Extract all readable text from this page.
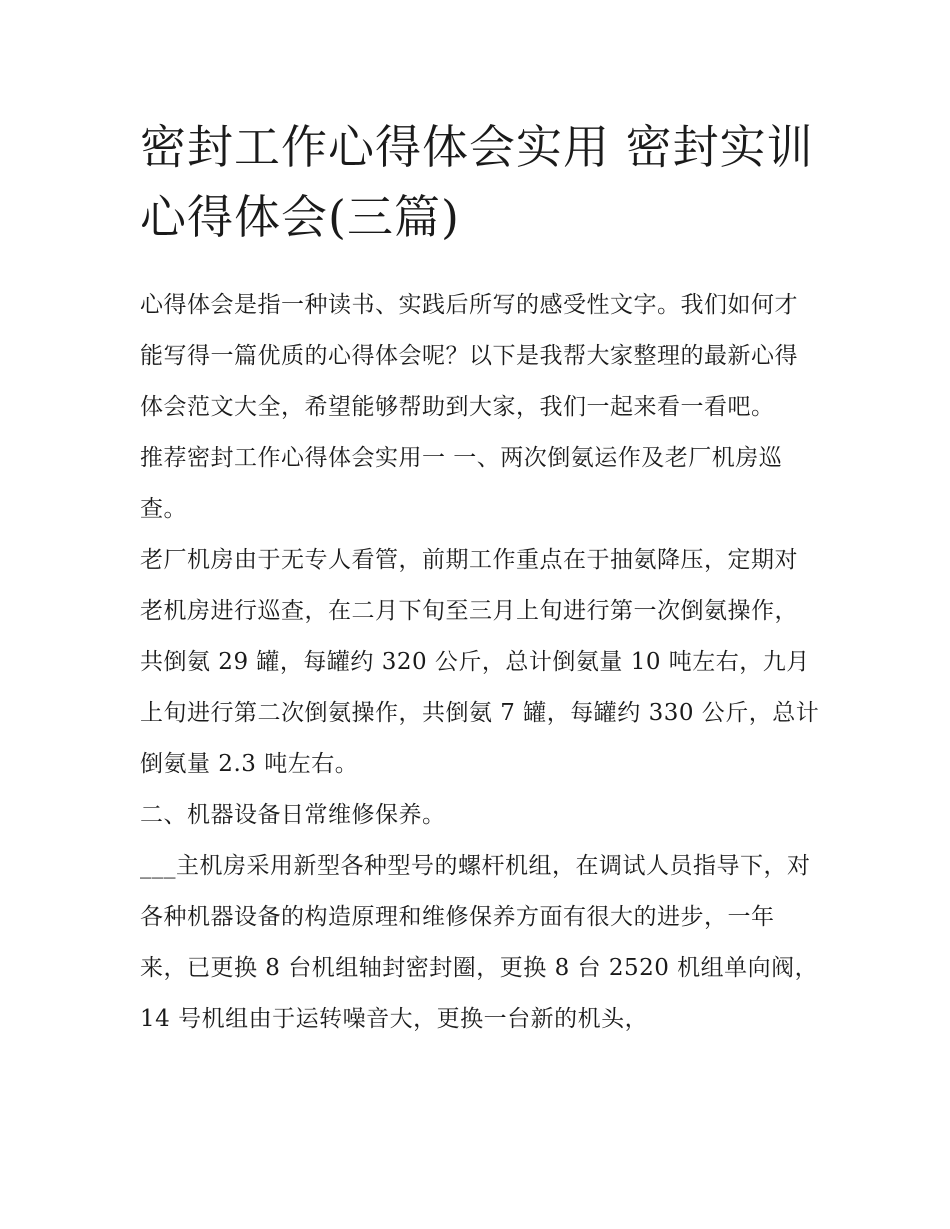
密封工作心得体会实用 密封实训心得体会(三篇)

心得体会是指一种读书、实践后所写的感受性文字。我们如何才能写得一篇优质的心得体会呢？以下是我帮大家整理的最新心得体会范文大全，希望能够帮助到大家，我们一起来看一看吧。

推荐密封工作心得体会实用一 一、两次倒氨运作及老厂机房巡查。

老厂机房由于无专人看管，前期工作重点在于抽氨降压，定期对老机房进行巡查，在二月下旬至三月上旬进行第一次倒氨操作，共倒氨 29 罐，每罐约 320 公斤，总计倒氨量 10 吨左右，九月上旬进行第二次倒氨操作，共倒氨 7 罐，每罐约 330 公斤，总计倒氨量 2.3 吨左右。

二、机器设备日常维修保养。

___主机房采用新型各种型号的螺杆机组，在调试人员指导下，对各种机器设备的构造原理和维修保养方面有很大的进步，一年来，已更换 8 台机组轴封密封圈，更换 8 台 2520 机组单向阀，14 号机组由于运转噪音大，更换一台新的机头，
